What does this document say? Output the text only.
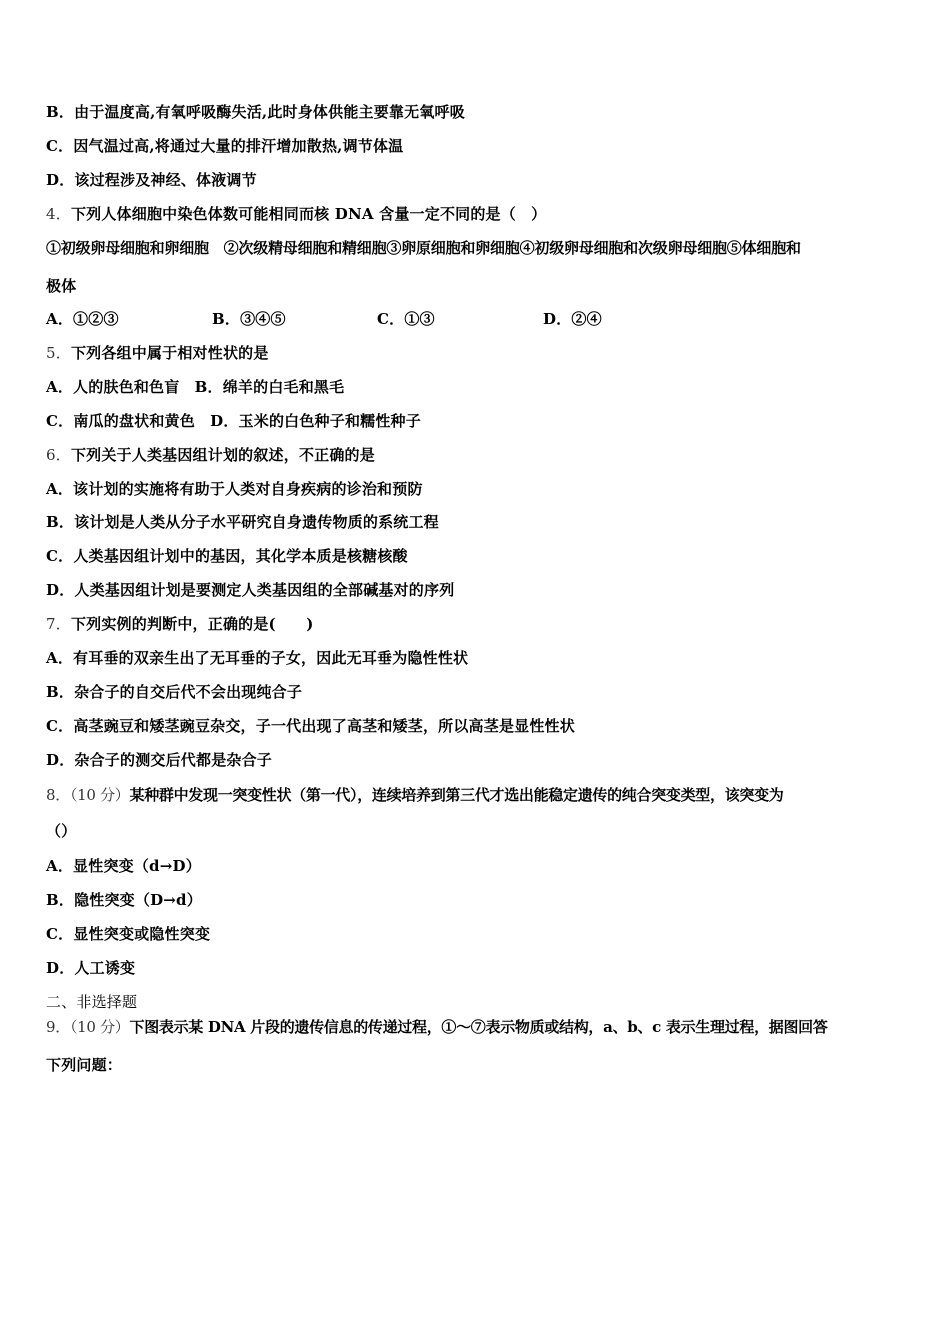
B．由于温度高,有氧呼吸酶失活,此时身体供能主要靠无氧呼吸
C．因气温过高,将通过大量的排汗增加散热,调节体温
D．该过程涉及神经、体液调节
4．下列人体细胞中染色体数可能相同而核 DNA 含量一定不同的是（　）
①初级卵母细胞和卵细胞　②次级精母细胞和精细胞③卵原细胞和卵细胞④初级卵母细胞和次级卵母细胞⑤体细胞和
极体
A．①②③	B．③④⑤	C．①③	D．②④
5．下列各组中属于相对性状的是
A．人的肤色和色盲　B．绵羊的白毛和黑毛
C．南瓜的盘状和黄色　D．玉米的白色种子和糯性种子
6．下列关于人类基因组计划的叙述，不正确的是
A．该计划的实施将有助于人类对自身疾病的诊治和预防
B．该计划是人类从分子水平研究自身遗传物质的系统工程
C．人类基因组计划中的基因，其化学本质是核糖核酸
D．人类基因组计划是要测定人类基因组的全部碱基对的序列
7．下列实例的判断中，正确的是(　　)
A．有耳垂的双亲生出了无耳垂的子女，因此无耳垂为隐性性状
B．杂合子的自交后代不会出现纯合子
C．高茎豌豆和矮茎豌豆杂交，子一代出现了高茎和矮茎，所以高茎是显性性状
D．杂合子的测交后代都是杂合子
8．（10 分）某种群中发现一突变性状（第一代），连续培养到第三代才选出能稳定遗传的纯合突变类型，该突变为
（）
A．显性突变（d→D）
B．隐性突变（D→d）
C．显性突变或隐性突变
D．人工诱变
二、非选择题
9．（10 分）下图表示某 DNA 片段的遗传信息的传递过程，①～⑦表示物质或结构，a、b、c 表示生理过程，据图回答
下列问题：
